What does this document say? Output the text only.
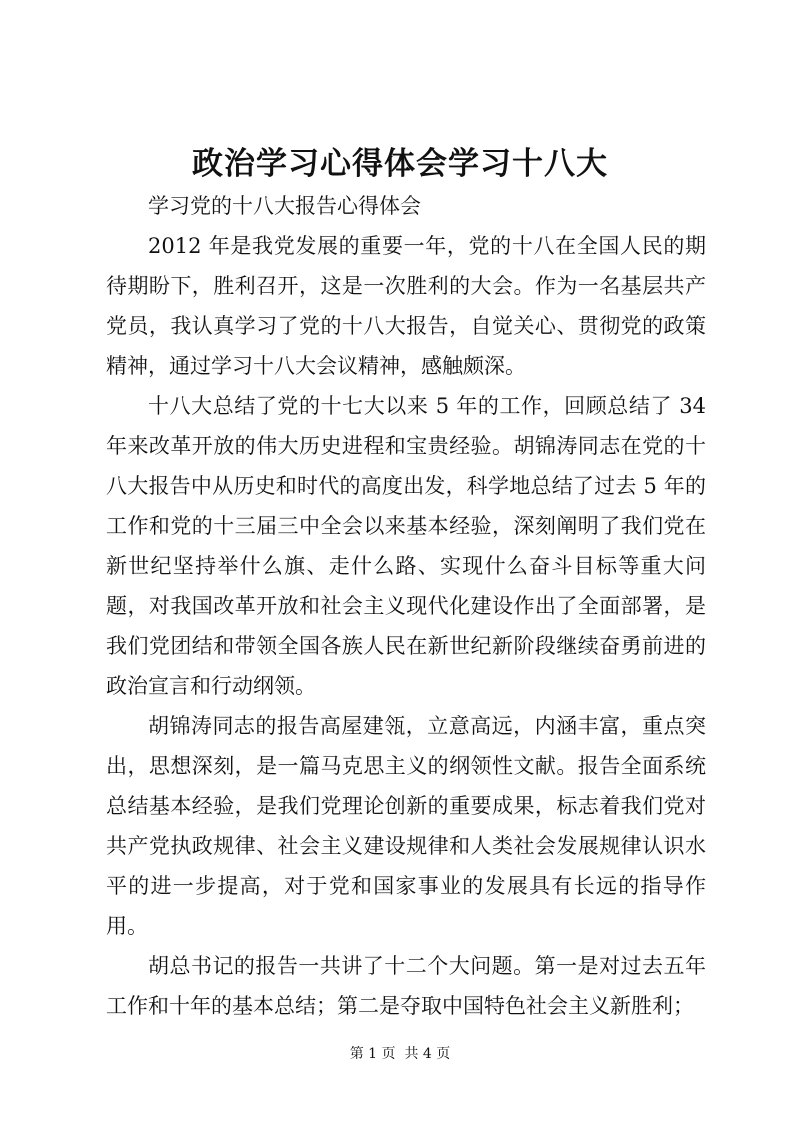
政治学习心得体会学习十八大

学习党的十八大报告心得体会

2012 年是我党发展的重要一年，党的十八在全国人民的期待期盼下，胜利召开，这是一次胜利的大会。作为一名基层共产党员，我认真学习了党的十八大报告，自觉关心、贯彻党的政策精神，通过学习十八大会议精神，感触颇深。

十八大总结了党的十七大以来 5 年的工作，回顾总结了 34 年来改革开放的伟大历史进程和宝贵经验。胡锦涛同志在党的十八大报告中从历史和时代的高度出发，科学地总结了过去 5 年的工作和党的十三届三中全会以来基本经验，深刻阐明了我们党在新世纪坚持举什么旗、走什么路、实现什么奋斗目标等重大问题，对我国改革开放和社会主义现代化建设作出了全面部署，是我们党团结和带领全国各族人民在新世纪新阶段继续奋勇前进的政治宣言和行动纲领。

胡锦涛同志的报告高屋建瓴，立意高远，内涵丰富，重点突出，思想深刻，是一篇马克思主义的纲领性文献。报告全面系统总结基本经验，是我们党理论创新的重要成果，标志着我们党对共产党执政规律、社会主义建设规律和人类社会发展规律认识水平的进一步提高，对于党和国家事业的发展具有长远的指导作用。

胡总书记的报告一共讲了十二个大问题。第一是对过去五年工作和十年的基本总结；第二是夺取中国特色社会主义新胜利；

第 1 页  共 4 页
